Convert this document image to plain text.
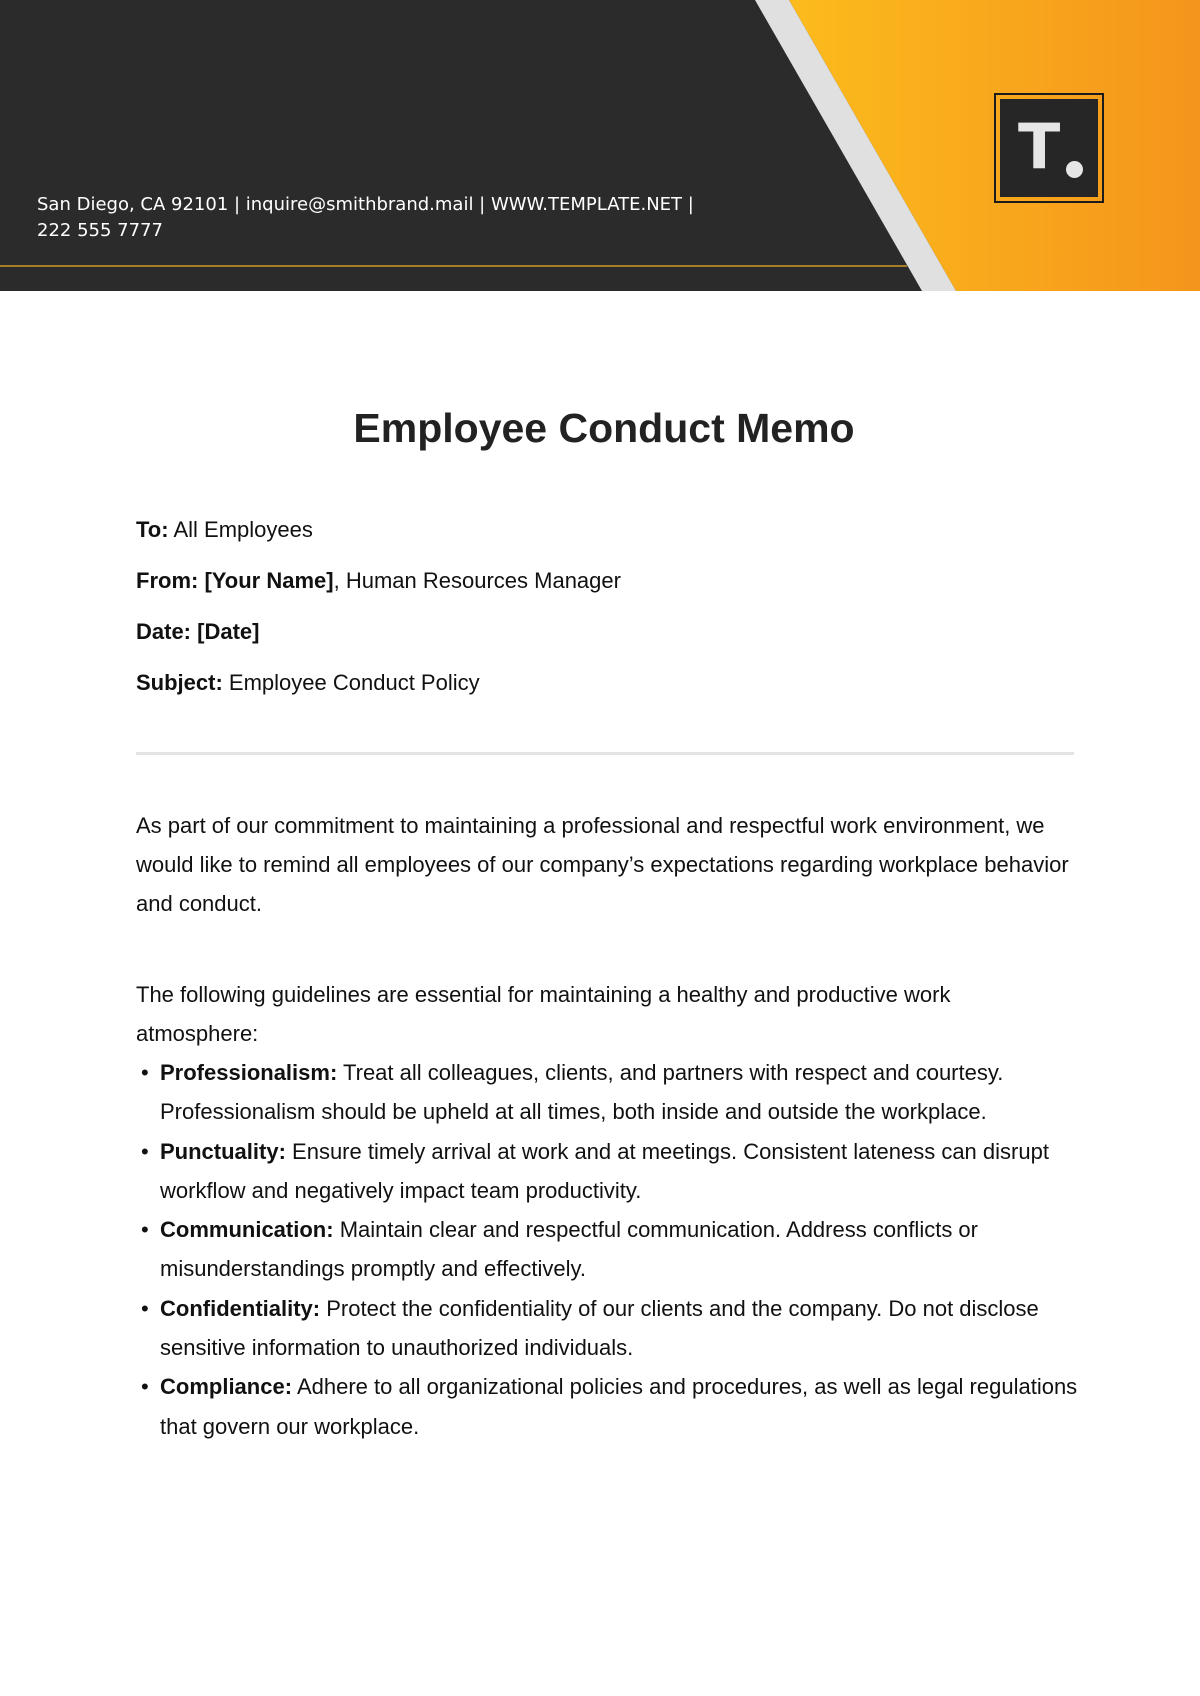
San Diego, CA 92101 | inquire@smithbrand.mail | WWW.TEMPLATE.NET |
222 555 7777
T
Employee Conduct Memo
To: All Employees
From: [Your Name], Human Resources Manager
Date: [Date]
Subject: Employee Conduct Policy
As part of our commitment to maintaining a professional and respectful work environment, we would like to remind all employees of our company’s expectations regarding workplace behavior and conduct.
The following guidelines are essential for maintaining a healthy and productive work atmosphere:
• Professionalism: Treat all colleagues, clients, and partners with respect and courtesy. Professionalism should be upheld at all times, both inside and outside the workplace.
• Punctuality: Ensure timely arrival at work and at meetings. Consistent lateness can disrupt workflow and negatively impact team productivity.
• Communication: Maintain clear and respectful communication. Address conflicts or misunderstandings promptly and effectively.
• Confidentiality: Protect the confidentiality of our clients and the company. Do not disclose sensitive information to unauthorized individuals.
• Compliance: Adhere to all organizational policies and procedures, as well as legal regulations that govern our workplace.
